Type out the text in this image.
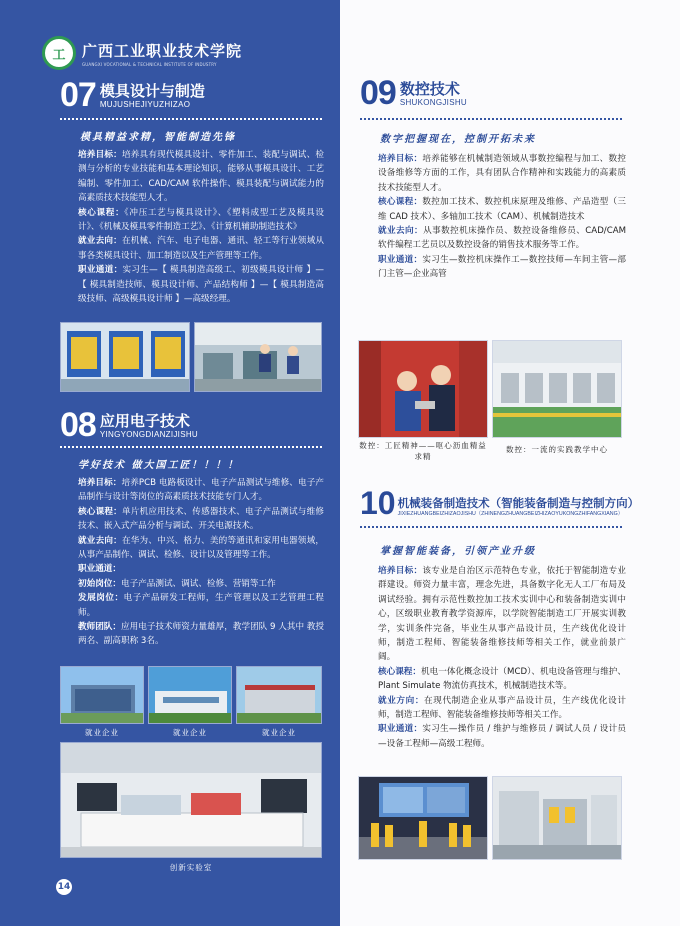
工	广西工业职业技术学院
GUANGXI VOCATIONAL & TECHNICAL INSTITUTE OF INDUSTRY
07 模具设计与制造
MUJUSHEJIYUZHIZAO
模具精益求精，智能制造先锋

培养目标：培养具有现代模具设计、零件加工、装配与调试、检测与分析的专业技能和基本理论知识，能够从事模具设计、工艺编制、零件加工、CAD/CAM 软件操作、模具装配与调试能力的高素质技术技能型人才。

核心课程：《冲压工艺与模具设计》、《塑料成型工艺及模具设计》、《机械及模具零件制造工艺》、《计算机辅助制造技术》

就业去向：在机械、汽车、电子电器、通讯、轻工等行业领域从事各类模具设计、加工制造以及生产管理等工作。

职业通道：实习生—【 模具制造高级工、初级模具设计师 】—【 模具制造技师、模具设计师、产品结构师 】—【 模具制造高级技师、高级模具设计师 】—高级经理。

08 应用电子技术
YINGYONGDIANZIJISHU
学好技术 做大国工匠！！！！

培养目标：培养PCB 电路板设计、电子产品测试与维修、电子产品制作与设计等岗位的高素质技术技能专门人才。

核心课程：单片机应用技术、传感器技术、电子产品测试与维修技术、嵌入式产品分析与调试、开关电源技术。

就业去向：在华为、中兴、格力、美的等通讯和家用电器领域，从事产品制作、调试、检修、设计以及管理等工作。

职业通道：

初始岗位：电子产品测试、调试、检修、营销等工作

发展岗位：电子产品研发工程师，生产管理以及工艺管理工程师。

教师团队：应用电子技术师资力量雄厚，教学团队 9 人其中 教授两名、副高职称 3名。

就业企业	就业企业	就业企业
创新实验室
14
09 数控技术
SHUKONGJISHU
数字把握现在，控制开拓未来

培养目标：培养能够在机械制造领域从事数控编程与加工、数控设备维修等方面的工作，具有团队合作精神和实践能力的高素质技术技能型人才。

核心课程：数控加工技术、数控机床原理及维修、产品造型（三维 CAD 技术）、多轴加工技术（CAM）、机械制造技术

就业去向：从事数控机床操作员、数控设备维修员、CAD/CAM 软件编程工艺员以及数控设备的销售技术服务等工作。

职业通道：实习生—数控机床操作工—数控技师—车间主管—部门主管—企业高管

数控：工匠精神——呕心沥血精益求精
数控：一流的实践教学中心
10 机械装备制造技术（智能装备制造与控制方向）
JIXIEZHUANGBEIZHIZAOJISHU（ZHINENGZHUANGBEIZHIZAOYUKONGZHIFANGXIANG）
掌握智能装备，引领产业升级

培养目标：该专业是自治区示范特色专业，依托于智能制造专业群建设。师资力量丰富，理念先进，具备数字化无人工厂布局及调试经验。拥有示范性数控加工技术实训中心和装备制造实训中心，区级职业教育教学资源库，以学院智能制造工厂开展实训教学，实训条件完备，毕业生从事产品设计员，生产线优化设计师，制造工程师、智能装备维修技师等相关工作，就业前景广阔。

核心课程：机电一体化概念设计（MCD）、机电设备管理与维护、Plant Simulate 物流仿真技术，机械制造技术等。

就业方向：在现代制造企业从事产品设计员，生产线优化设计师，制造工程师、智能装备维修技师等相关工作。

职业通道：实习生—操作员 / 维护与维修员 / 调试人员 / 设计员—设备工程师—高级工程师。
